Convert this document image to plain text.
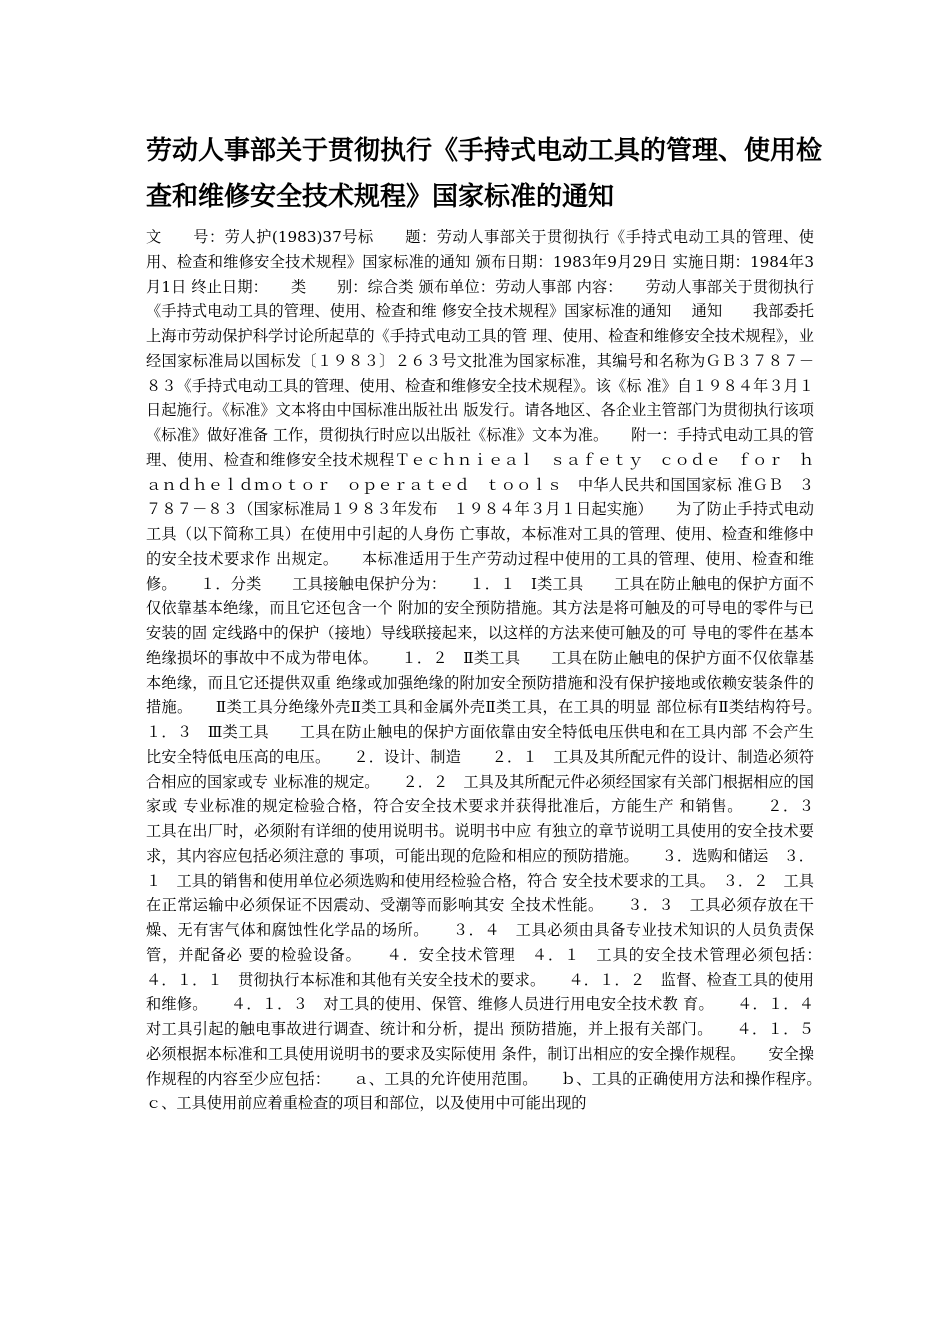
劳动人事部关于贯彻执行《手持式电动工具的管理、使用检查和维修安全技术规程》国家标准的通知

文　　号：劳人护(1983)37号标　　题：劳动人事部关于贯彻执行《手持式电动工具的管理、使用、检查和维修安全技术规程》国家标准的通知 颁布日期：1983年9月29日 实施日期：1984年3月1日 终止日期：　　类　　别：综合类 颁布单位：劳动人事部 内容：　　劳动人事部关于贯彻执行《手持式电动工具的管理、使用、检查和维 修安全技术规程》国家标准的通知　 通知　　我部委托上海市劳动保护科学讨论所起草的《手持式电动工具的管 理、使用、检查和维修安全技术规程》，业经国家标准局以国标发〔１９８３〕２６３号文批准为国家标准，其编号和名称为ＧＢ３７８７－８３《手持式电动工具的管理、使用、检查和维修安全技术规程》。该《标 准》自１９８４年３月１日起施行。《标准》文本将由中国标准出版社出 版发行。请各地区、各企业主管部门为贯彻执行该项《标准》做好准备 工作，贯彻执行时应以出版社《标准》文本为准。　　附一：手持式电动工具的管理、使用、检查和维修安全技术规程Ｔｅｃｈｎｉｅａｌ　ｓａｆｅｔｙ　ｃｏｄｅ　ｆｏｒ　ｈａｎｄｈｅｌｄｍｏｔｏｒ　ｏｐｅｒａｔｅｄ　ｔｏｏｌｓ　中华人民共和国国家标 准ＧＢ　３７８７－８３（国家标准局１９８３年发布　１９８４年３月１日起实施）　　为了防止手持式电动工具（以下简称工具）在使用中引起的人身伤 亡事故，本标准对工具的管理、使用、检查和维修中的安全技术要求作 出规定。　　本标准适用于生产劳动过程中使用的工具的管理、使用、检查和维 修。　　１．分类　　工具接触电保护分为：　　１．１　Ⅰ类工具　　工具在防止触电的保护方面不仅依靠基本绝缘，而且它还包含一个 附加的安全预防措施。其方法是将可触及的可导电的零件与已安装的固 定线路中的保护（接地）导线联接起来，以这样的方法来使可触及的可 导电的零件在基本绝缘损坏的事故中不成为带电体。　　１．２　Ⅱ类工具　　工具在防止触电的保护方面不仅依靠基本绝缘，而且它还提供双重 绝缘或加强绝缘的附加安全预防措施和没有保护接地或依赖安装条件的 措施。　　Ⅱ类工具分绝缘外壳Ⅱ类工具和金属外壳Ⅱ类工具，在工具的明显 部位标有Ⅱ类结构符号。　　１．３　Ⅲ类工具　　工具在防止触电的保护方面依靠由安全特低电压供电和在工具内部 不会产生比安全特低电压高的电压。　　２．设计、制造　　２．１　工具及其所配元件的设计、制造必须符合相应的国家或专 业标准的规定。　　２．２　工具及其所配元件必须经国家有关部门根据相应的国家或 专业标准的规定检验合格，符合安全技术要求并获得批准后，方能生产 和销售。　　２．３　工具在出厂时，必须附有详细的使用说明书。说明书中应 有独立的章节说明工具使用的安全技术要求，其内容应包括必须注意的 事项，可能出现的危险和相应的预防措施。　　３．选购和储运　３．１　工具的销售和使用单位必须选购和使用经检验合格，符合 安全技术要求的工具。　３．２　工具在正常运输中必须保证不因震动、受潮等而影响其安 全技术性能。　　３．３　工具必须存放在干燥、无有害气体和腐蚀性化学品的场所。　　３．４　工具必须由具备专业技术知识的人员负责保管，并配备必 要的检验设备。　　４．安全技术管理　４．１　工具的安全技术管理必须包括：　　４．１．１　贯彻执行本标准和其他有关安全技术的要求。　　４．１．２　监督、检查工具的使用和维修。　　４．１．３　对工具的使用、保管、维修人员进行用电安全技术教 育。　　４．１．４　对工具引起的触电事故进行调查、统计和分析，提出 预防措施，并上报有关部门。　　４．１．５　必须根据本标准和工具使用说明书的要求及实际使用 条件，制订出相应的安全操作规程。　　安全操作规程的内容至少应包括：　　ａ、工具的允许使用范围。　　ｂ、工具的正确使用方法和操作程序。　　ｃ、工具使用前应着重检查的项目和部位，以及使用中可能出现的
